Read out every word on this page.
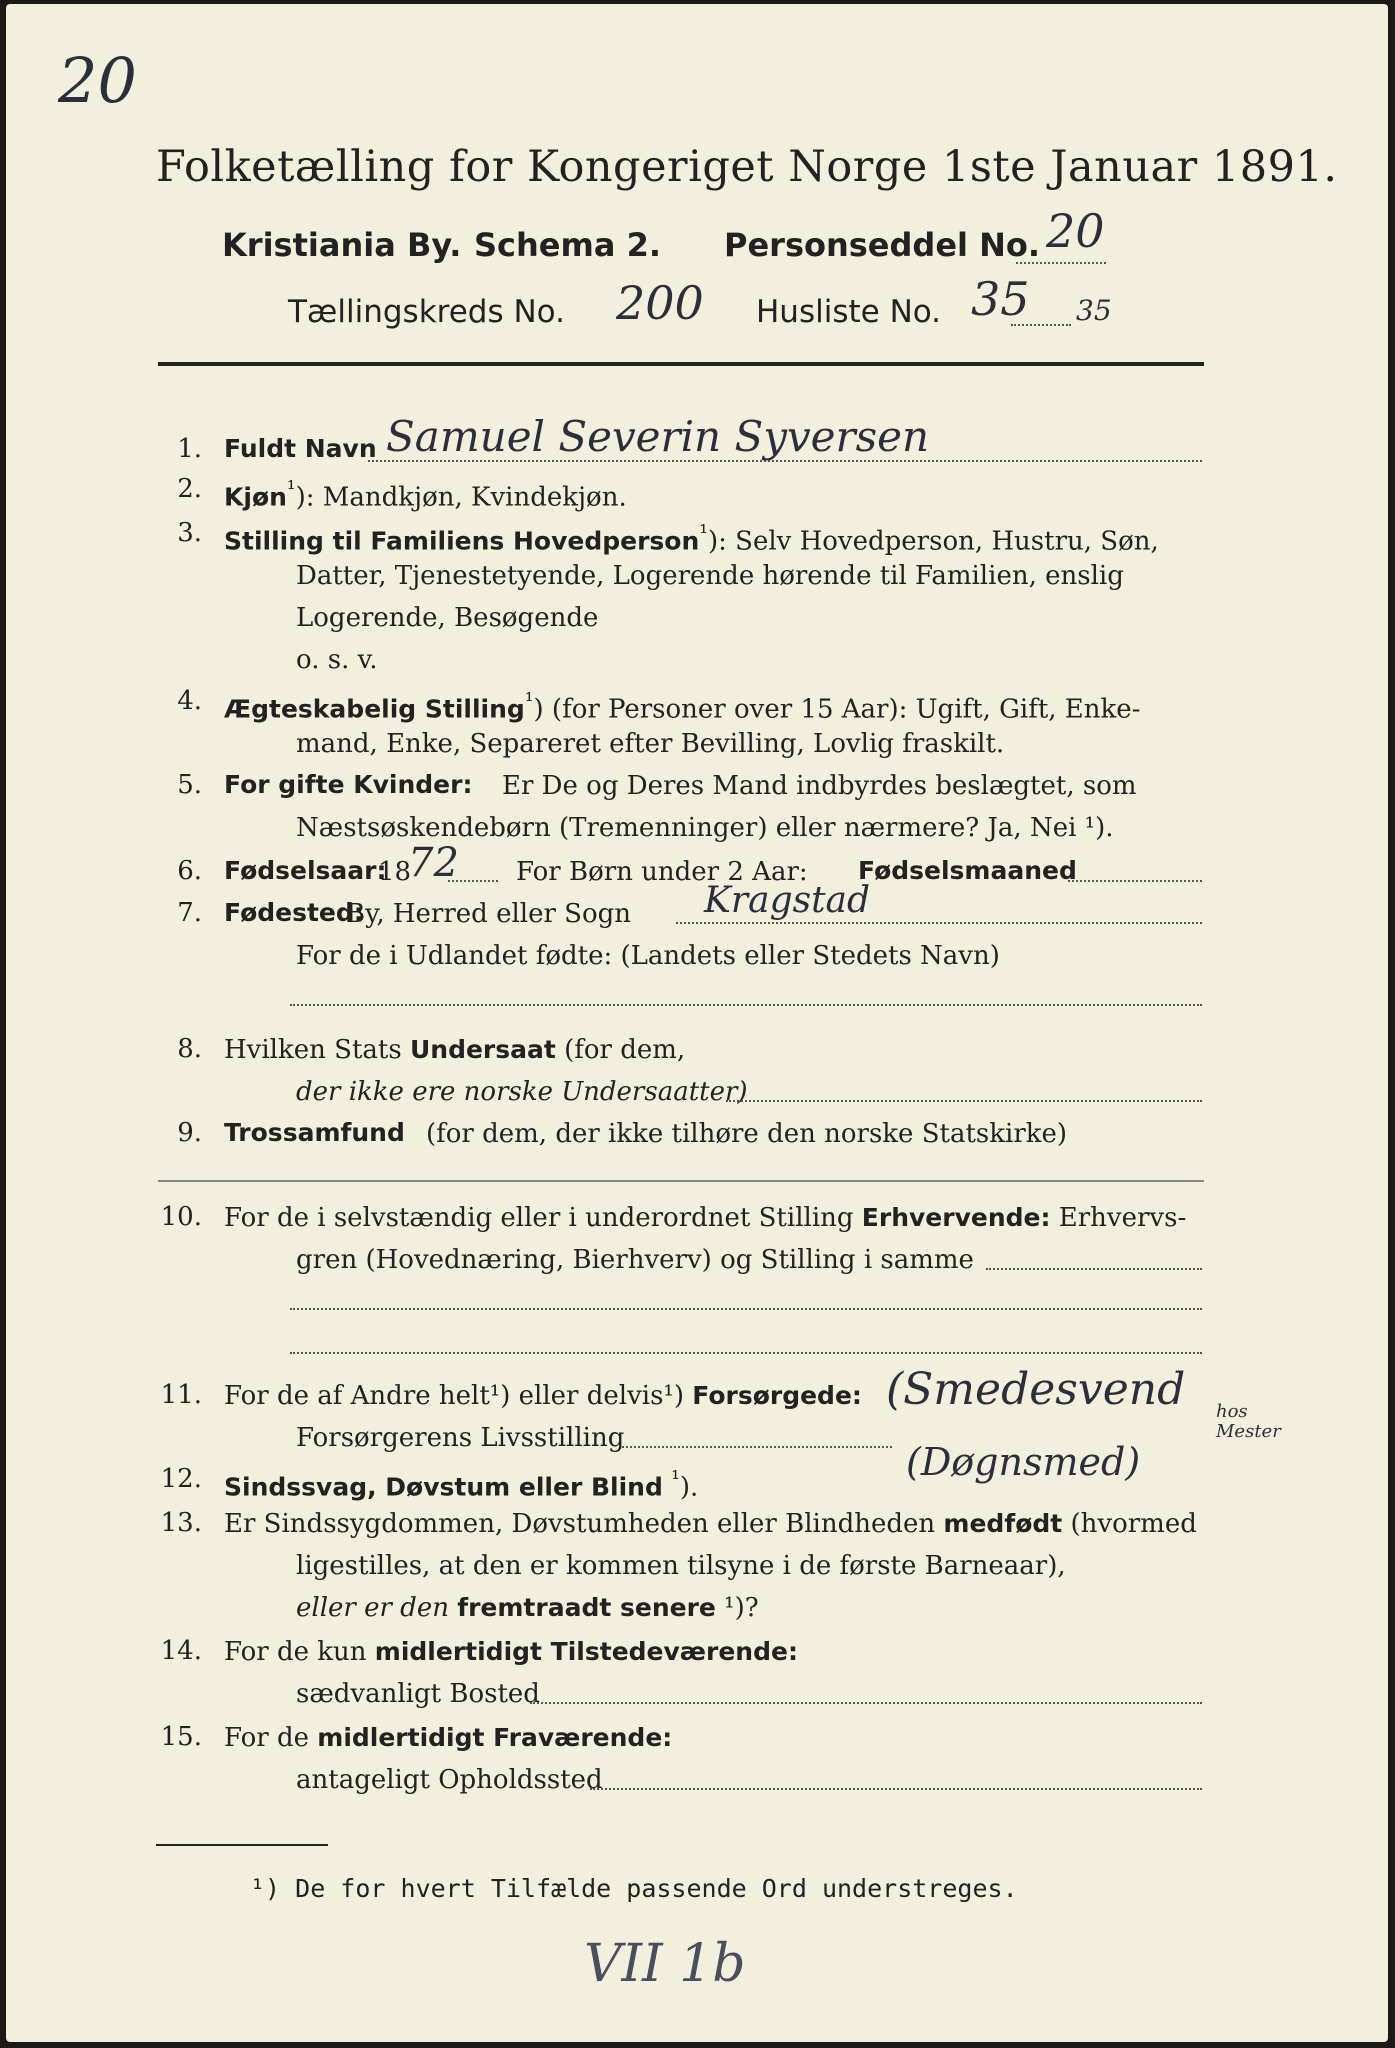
20
Folketælling for Kongeriget Norge 1ste Januar 1891.
Kristiania By. Schema 2. Personseddel No. 20
Tællingskreds No. 200 Husliste No. 35 35
1. Fuldt Navn Samuel Severin Syversen
2. Kjøn$^{^1}$): Mandkjøn, Kvindekjøn.
3. Stilling til Familiens Hovedperson$^{^1}$): Selv Hovedperson, Hustru, Søn,
Datter, Tjenestetyende, Logerende hørende til Familien, enslig
Logerende, Besøgende
o. s. v.
4. Ægteskabelig Stilling$^{^1}$) (for Personer over 15 Aar): Ugift, Gift, Enke-
mand, Enke, Separeret efter Bevilling, Lovlig fraskilt.
5. For gifte Kvinder: Er De og Deres Mand indbyrdes beslægtet, som
Næstsøskendebørn (Tremenninger) eller nærmere? Ja, Nei ¹).
6. Fødselsaar:
18
72 For Børn under 2 Aar: Fødselsmaaned
7. Fødested:
By, Herred eller Sogn Kragstad
For de i Udlandet fødte: (Landets eller Stedets Navn)
8. Hvilken Stats Undersaat (for dem,
der ikke ere norske Undersaatter)
9. Trossamfund (for dem, der ikke tilhøre den norske Statskirke)
10. For de i selvstændig eller i underordnet Stilling Erhvervende: Erhvervs-
gren (Hovednæring, Bierhverv) og Stilling i samme
11. For de af Andre helt¹) eller delvis¹) Forsørgede:
Forsørgerens Livsstilling
(Smedesvend hos Mester
(Døgnsmed)
12. Sindssvag, Døvstum eller Blind $^{^1}$).
13. Er Sindssygdommen, Døvstumheden eller Blindheden medfødt (hvormed
ligestilles, at den er kommen tilsyne i de første Barneaar),
eller er den fremtraadt senere ¹)?
14. For de kun midlertidigt Tilstedeværende:
sædvanligt Bosted
15. For de midlertidigt Fraværende:
antageligt Opholdssted
¹) De for hvert Tilfælde passende Ord understreges.
VII 1b
